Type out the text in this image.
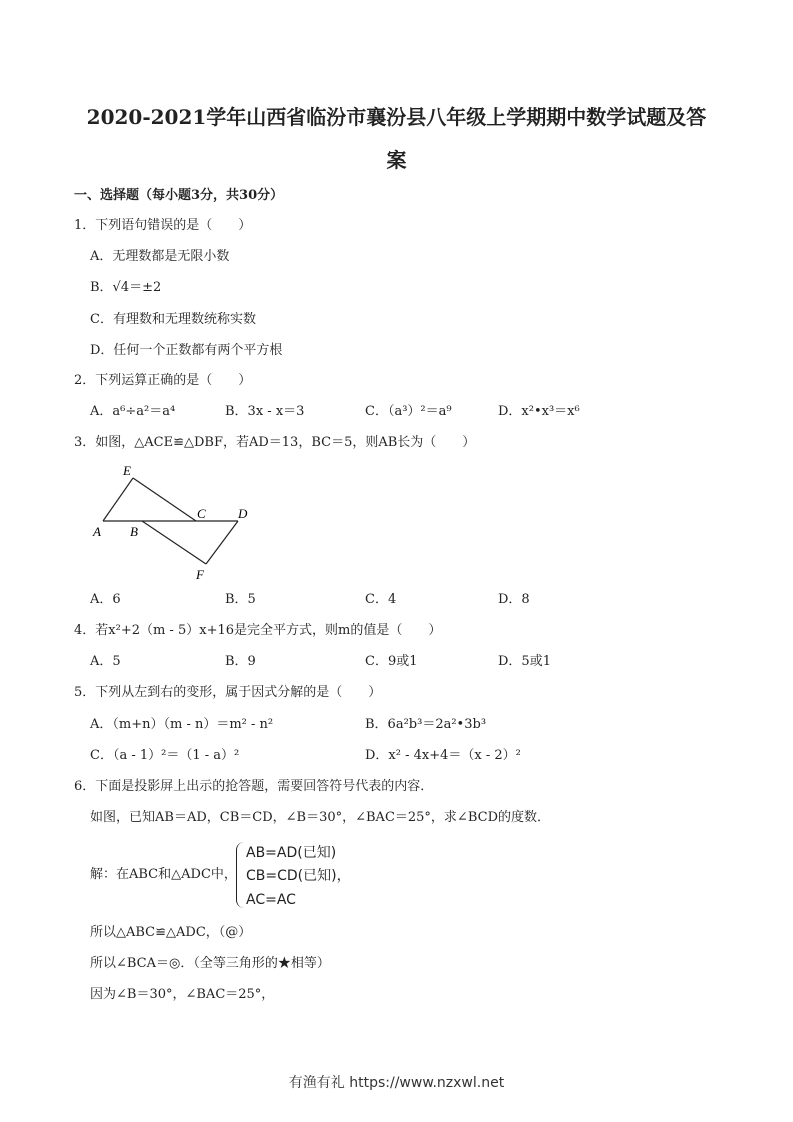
2020-2021学年山西省临汾市襄汾县八年级上学期期中数学试题及答
案
一、选择题（每小题3分，共30分）
1．下列语句错误的是（　　）
A．无理数都是无限小数
B．√4＝±2
C．有理数和无理数统称实数
D．任何一个正数都有两个平方根
2．下列运算正确的是（　　）
A．a⁶÷a²＝a⁴	B．3x - x＝3	C．（a³）²＝a⁹	D．x²•x³＝x⁶
3．如图，△ACE≌△DBF，若AD＝13，BC＝5，则AB长为（　　）
E
A B
C D
F
A．6	B．5	C．4	D．8
4．若x²+2（m - 5）x+16是完全平方式，则m的值是（　　）
A．5	B．9	C．9或1	D．5或1
5．下列从左到右的变形，属于因式分解的是（　　）
A．（m+n）（m - n）＝m² - n²	B．6a²b³＝2a²•3b³
C．（a - 1）²＝（1 - a）²	D．x² - 4x+4＝（x - 2）²
6．下面是投影屏上出示的抢答题，需要回答符号代表的内容．
如图，已知AB＝AD，CB＝CD，∠B＝30°，∠BAC＝25°，求∠BCD的度数．
解：在ABC和△ADC中，
AB=AD(已知)
CB=CD(已知)，
AC=AC
所以△ABC≌△ADC，（@）
所以∠BCA＝◎．（全等三角形的★相等）
因为∠B＝30°，∠BAC＝25°，
有渔有礼 https://www.nzxwl.net
